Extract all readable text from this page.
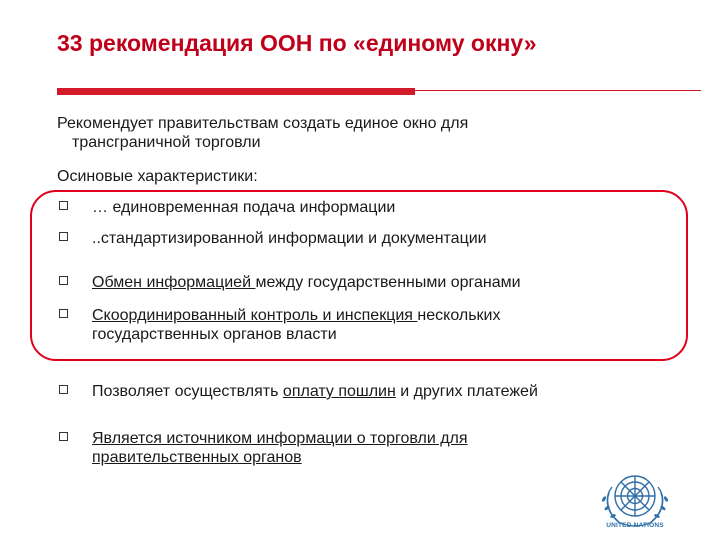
33 рекомендация ООН по «единому окну»
Рекомендует правительствам создать единое окно для
трансграничной торговли
Осиновые характеристики:
… единовременная подача информации
..стандартизированной информации и документации
Обмен информацией между государственными органами
Скоординированный контроль и инспекция нескольких
государственных органов власти
Позволяет осуществлять оплату пошлин и других платежей
Является источником информации о торговли для
правительственных органов
UNITED NATIONS
